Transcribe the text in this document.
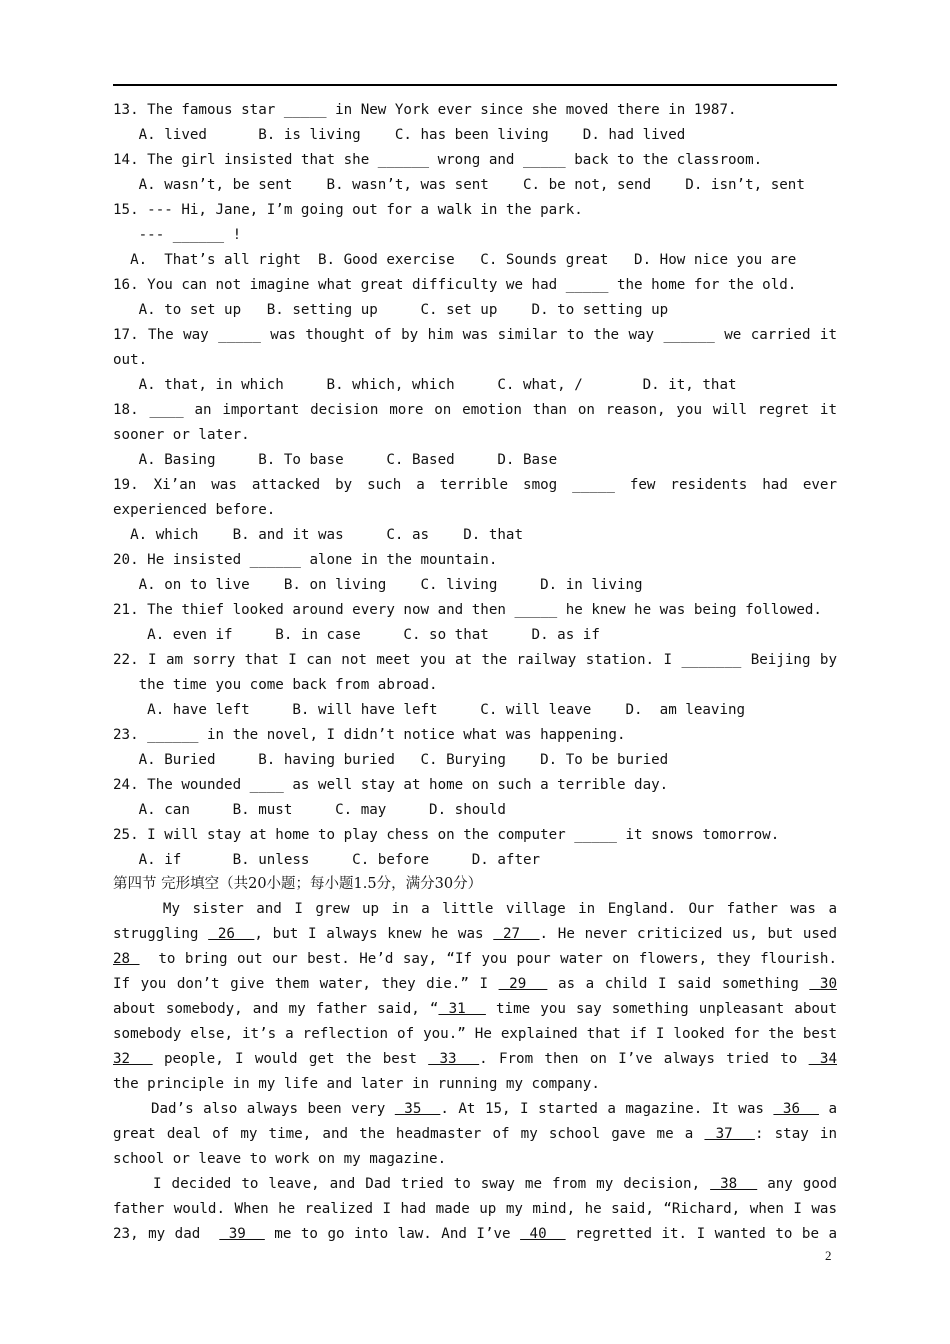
13. The famous star _____ in New York ever since she moved there in 1987.
A. lived      B. is living    C. has been living    D. had lived
14. The girl insisted that she ______ wrong and _____ back to the classroom.
A. wasn’t, be sent    B. wasn’t, was sent    C. be not, send    D. isn’t, sent
15. --- Hi, Jane, I’m going out for a walk in the park.
--- ______ !
A.  That’s all right  B. Good exercise   C. Sounds great   D. How nice you are
16. You can not imagine what great difficulty we had _____ the home for the old.
A. to set up   B. setting up     C. set up    D. to setting up
17. The way _____ was thought of by him was similar to the way ______ we carried it
out.
A. that, in which     B. which, which     C. what, /       D. it, that
18. ____ an important decision more on emotion than on reason, you will regret it
sooner or later.
A. Basing     B. To base     C. Based     D. Base
19. Xi’an was attacked by such a terrible smog _____ few residents had ever
experienced before.
A. which    B. and it was     C. as    D. that
20. He insisted ______ alone in the mountain.
A. on to live    B. on living    C. living     D. in living
21. The thief looked around every now and then _____ he knew he was being followed.
A. even if     B. in case     C. so that     D. as if
22. I am sorry that I can not meet you at the railway station. I _______ Beijing by
the time you come back from abroad.
A. have left     B. will have left     C. will leave    D.  am leaving
23. ______ in the novel, I didn’t notice what was happening.
A. Buried     B. having buried   C. Burying    D. To be buried
24. The wounded ____ as well stay at home on such a terrible day.
A. can     B. must     C. may     D. should
25. I will stay at home to play chess on the computer _____ it snows tomorrow.
A. if      B. unless     C. before     D. after
第四节 完形填空（共20小题；每小题1.5分，满分30分）
My sister and I grew up in a little village in England. Our father was a
struggling  26  , but I always knew he was  27  . He never criticized us, but used
28   to bring out our best. He’d say, “If you pour water on flowers, they flourish.
If you don’t give them water, they die.” I  29   as a child I said something  30
about somebody, and my father said, “ 31   time you say something unpleasant about
somebody else, it’s a reflection of you.” He explained that if I looked for the best
32   people, I would get the best  33  . From then on I’ve always tried to  34
the principle in my life and later in running my company.
Dad’s also always been very  35  . At 15, I started a magazine. It was  36   a
great deal of my time, and the headmaster of my school gave me a  37  : stay in
school or leave to work on my magazine.
I decided to leave, and Dad tried to sway me from my decision,  38   any good
father would. When he realized I had made up my mind, he said, “Richard, when I was
23, my dad   39   me to go into law. And I’ve  40   regretted it. I wanted to be a
2
